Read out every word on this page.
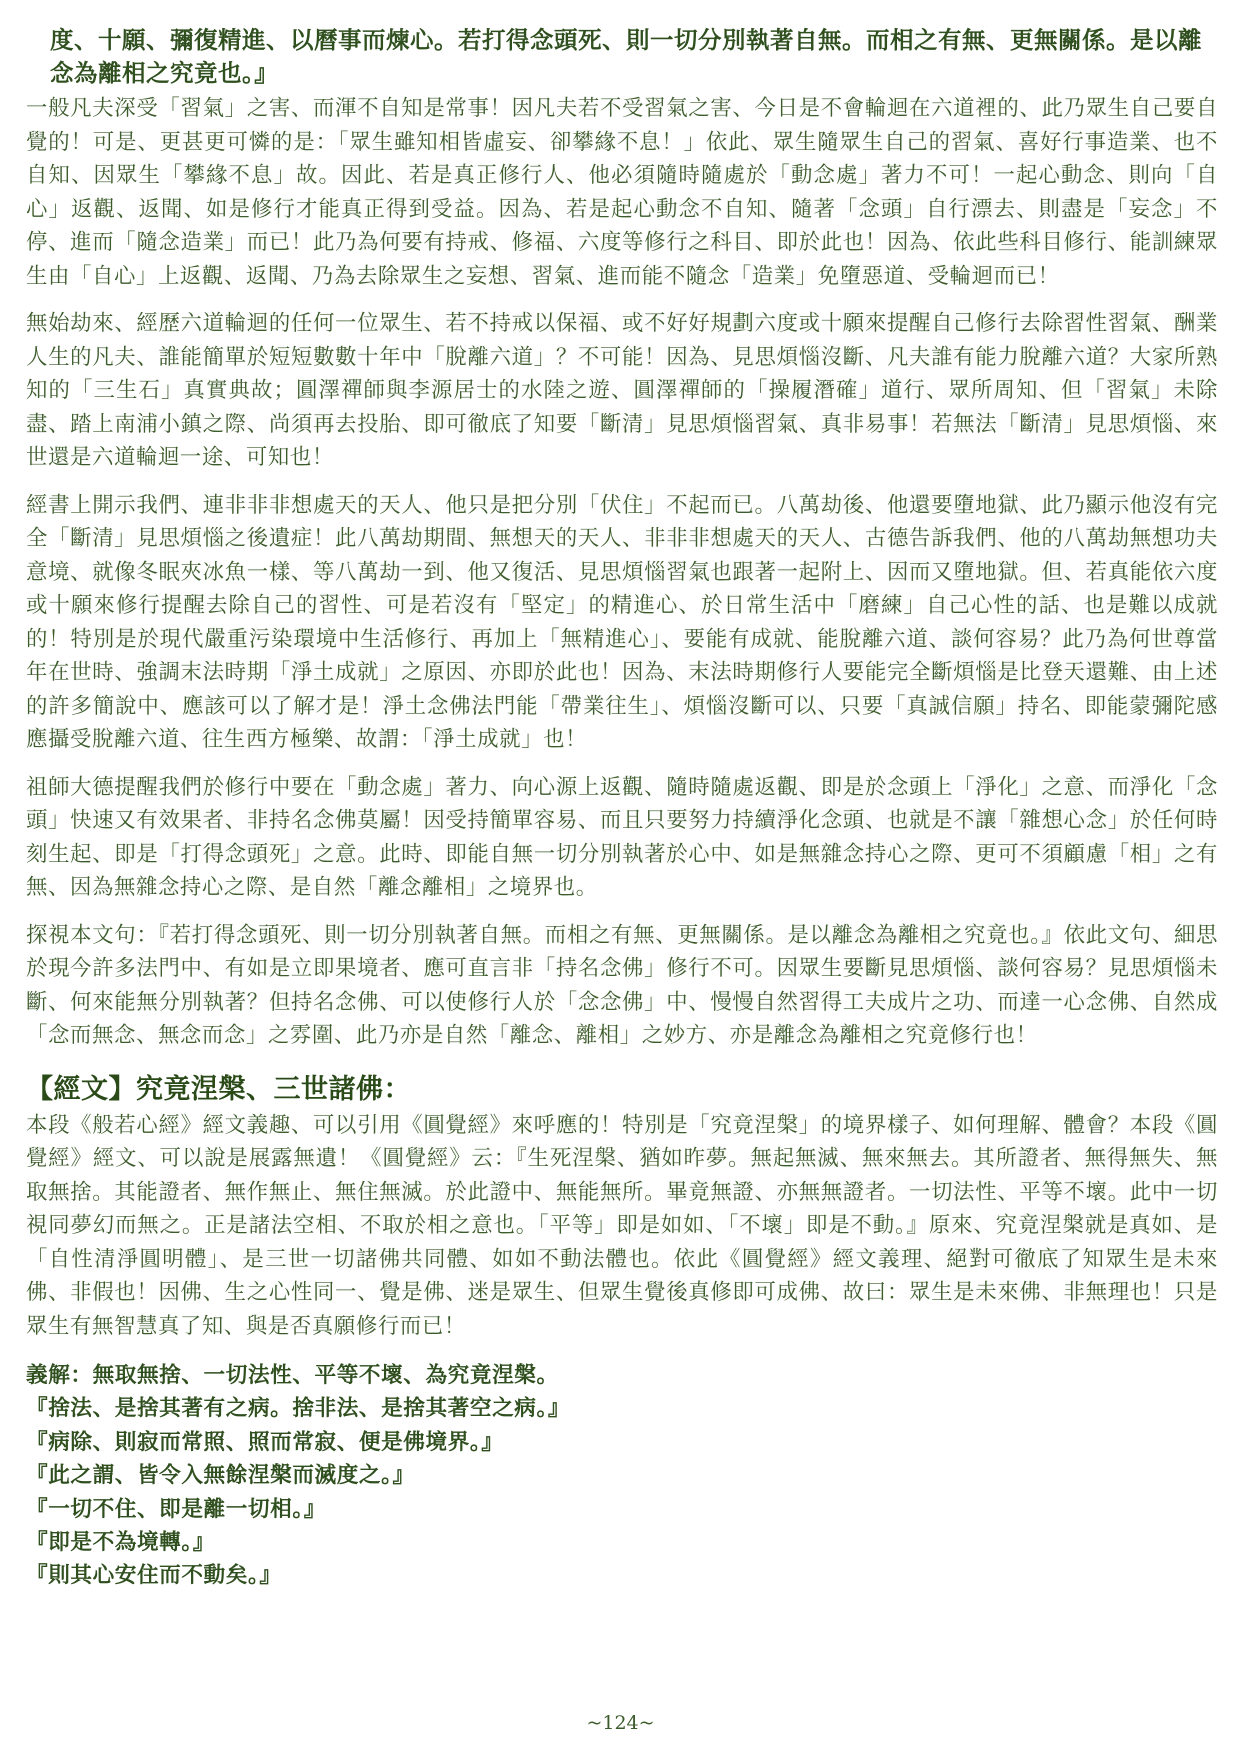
度、十願、彌復精進、以曆事而煉心。若打得念頭死、則一切分別執著自無。而相之有無、更無關係。是以離念為離相之究竟也。』

一般凡夫深受「習氣」之害、而渾不自知是常事！因凡夫若不受習氣之害、今日是不會輪迴在六道裡的、此乃眾生自己要自覺的！可是、更甚更可憐的是：「眾生雖知相皆虛妄、卻攀緣不息！」依此、眾生隨眾生自己的習氣、喜好行事造業、也不自知、因眾生「攀緣不息」故。因此、若是真正修行人、他必須隨時隨處於「動念處」著力不可！一起心動念、則向「自心」返觀、返聞、如是修行才能真正得到受益。因為、若是起心動念不自知、隨著「念頭」自行漂去、則盡是「妄念」不停、進而「隨念造業」而已！此乃為何要有持戒、修福、六度等修行之科目、即於此也！因為、依此些科目修行、能訓練眾生由「自心」上返觀、返聞、乃為去除眾生之妄想、習氣、進而能不隨念「造業」免墮惡道、受輪迴而已！

無始劫來、經歷六道輪迴的任何一位眾生、若不持戒以保福、或不好好規劃六度或十願來提醒自己修行去除習性習氣、酬業人生的凡夫、誰能簡單於短短數數十年中「脫離六道」？不可能！因為、見思煩惱沒斷、凡夫誰有能力脫離六道？大家所熟知的「三生石」真實典故；圓澤禪師與李源居士的水陸之遊、圓澤禪師的「操履潛確」道行、眾所周知、但「習氣」未除盡、踏上南浦小鎮之際、尚須再去投胎、即可徹底了知要「斷清」見思煩惱習氣、真非易事！若無法「斷清」見思煩惱、來世還是六道輪迴一途、可知也！

經書上開示我們、連非非非想處天的天人、他只是把分別「伏住」不起而已。八萬劫後、他還要墮地獄、此乃顯示他沒有完全「斷清」見思煩惱之後遺症！此八萬劫期間、無想天的天人、非非非想處天的天人、古德告訴我們、他的八萬劫無想功夫意境、就像冬眠夾冰魚一樣、等八萬劫一到、他又復活、見思煩惱習氣也跟著一起附上、因而又墮地獄。但、若真能依六度或十願來修行提醒去除自己的習性、可是若沒有「堅定」的精進心、於日常生活中「磨練」自己心性的話、也是難以成就的！特別是於現代嚴重污染環境中生活修行、再加上「無精進心」、要能有成就、能脫離六道、談何容易？此乃為何世尊當年在世時、強調末法時期「淨土成就」之原因、亦即於此也！因為、末法時期修行人要能完全斷煩惱是比登天還難、由上述的許多簡說中、應該可以了解才是！淨土念佛法門能「帶業往生」、煩惱沒斷可以、只要「真誠信願」持名、即能蒙彌陀感應攝受脫離六道、往生西方極樂、故謂：「淨土成就」也！

祖師大德提醒我們於修行中要在「動念處」著力、向心源上返觀、隨時隨處返觀、即是於念頭上「淨化」之意、而淨化「念頭」快速又有效果者、非持名念佛莫屬！因受持簡單容易、而且只要努力持續淨化念頭、也就是不讓「雜想心念」於任何時刻生起、即是「打得念頭死」之意。此時、即能自無一切分別執著於心中、如是無雜念持心之際、更可不須顧慮「相」之有無、因為無雜念持心之際、是自然「離念離相」之境界也。

探視本文句：『若打得念頭死、則一切分別執著自無。而相之有無、更無關係。是以離念為離相之究竟也。』依此文句、細思於現今許多法門中、有如是立即果境者、應可直言非「持名念佛」修行不可。因眾生要斷見思煩惱、談何容易？見思煩惱未斷、何來能無分別執著？但持名念佛、可以使修行人於「念念佛」中、慢慢自然習得工夫成片之功、而達一心念佛、自然成「念而無念、無念而念」之雰圍、此乃亦是自然「離念、離相」之妙方、亦是離念為離相之究竟修行也！

【經文】究竟涅槃、三世諸佛：

本段《般若心經》經文義趣、可以引用《圓覺經》來呼應的！特別是「究竟涅槃」的境界樣子、如何理解、體會？本段《圓覺經》經文、可以說是展露無遺！《圓覺經》云：『生死涅槃、猶如昨夢。無起無滅、無來無去。其所證者、無得無失、無取無捨。其能證者、無作無止、無住無滅。於此證中、無能無所。畢竟無證、亦無無證者。一切法性、平等不壞。此中一切視同夢幻而無之。正是諸法空相、不取於相之意也。「平等」即是如如、「不壞」即是不動。』原來、究竟涅槃就是真如、是「自性清淨圓明體」、是三世一切諸佛共同體、如如不動法體也。依此《圓覺經》經文義理、絕對可徹底了知眾生是未來佛、非假也！因佛、生之心性同一、覺是佛、迷是眾生、但眾生覺後真修即可成佛、故曰：眾生是未來佛、非無理也！只是眾生有無智慧真了知、與是否真願修行而已！

義解：無取無捨、一切法性、平等不壞、為究竟涅槃。
『捨法、是捨其著有之病。捨非法、是捨其著空之病。』
『病除、則寂而常照、照而常寂、便是佛境界。』
『此之謂、皆令入無餘涅槃而滅度之。』
『一切不住、即是離一切相。』
『即是不為境轉。』
『則其心安住而不動矣。』
~124~
